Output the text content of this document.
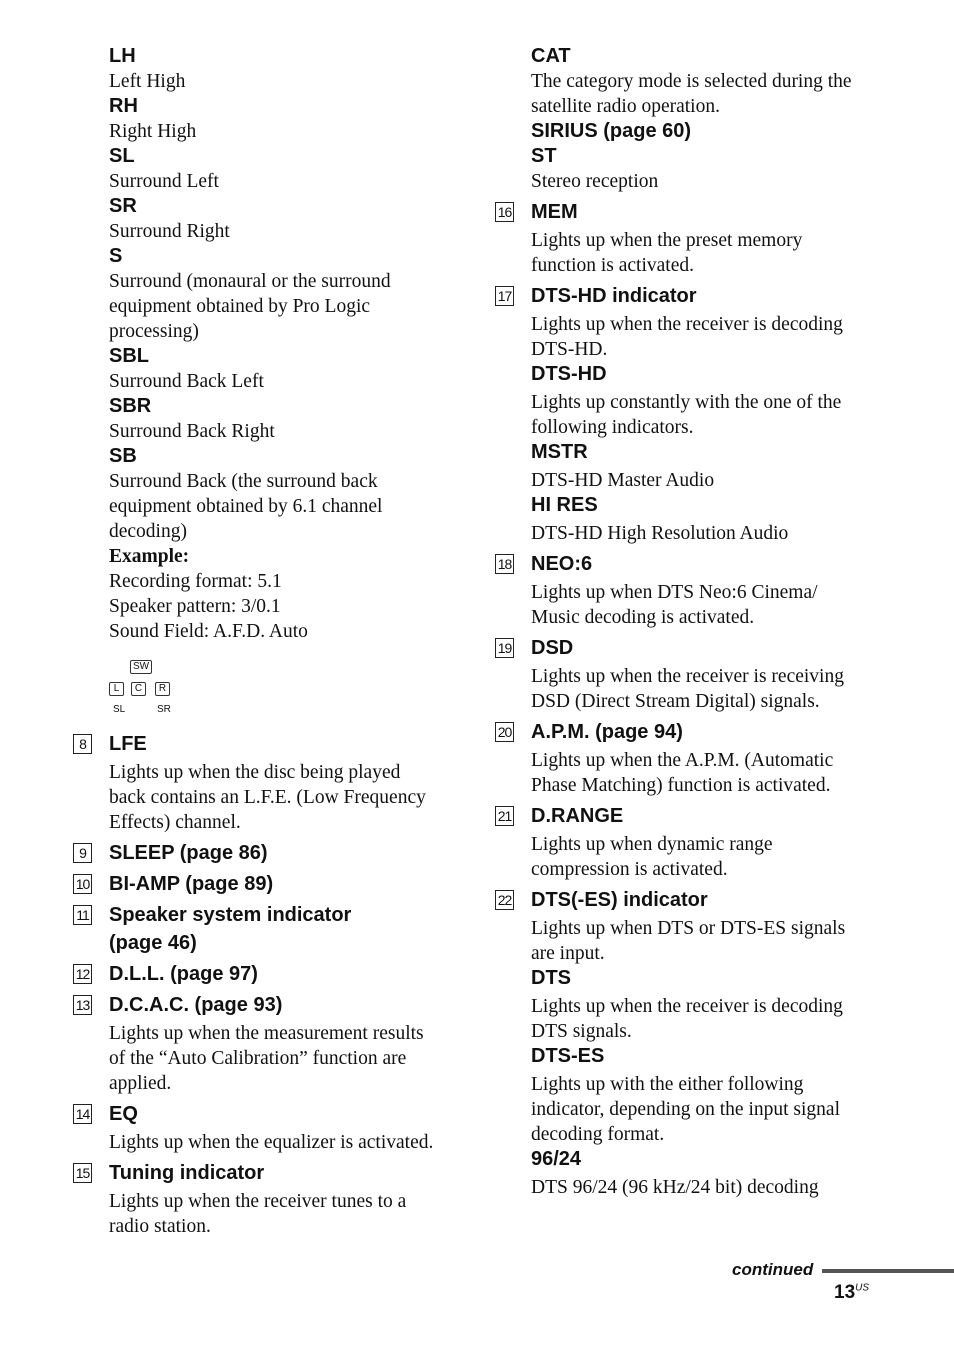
LH
Left High
RH
Right High
SL
Surround Left
SR
Surround Right
S
Surround (monaural or the surround
equipment obtained by Pro Logic
processing)
SBL
Surround Back Left
SBR
Surround Back Right
SB
Surround Back (the surround back
equipment obtained by 6.1 channel
decoding)
Example:
Recording format: 5.1
Speaker pattern: 3/0.1
Sound Field: A.F.D. Auto
SW
L	C	R
SL	SR
8	LFE
Lights up when the disc being played
back contains an L.F.E. (Low Frequency
Effects) channel.
9	SLEEP (page 86)
10 BI-AMP (page 89)
11 Speaker system indicator
(page 46)
12 D.L.L. (page 97)
13 D.C.A.C. (page 93)
Lights up when the measurement results
of the “Auto Calibration” function are
applied.
14 EQ
Lights up when the equalizer is activated.
15 Tuning indicator
Lights up when the receiver tunes to a
radio station.
CAT
The category mode is selected during the
satellite radio operation.
SIRIUS (page 60)
ST
Stereo reception
16 MEM
Lights up when the preset memory
function is activated.
17 DTS-HD indicator
Lights up when the receiver is decoding
DTS-HD.
DTS-HD
Lights up constantly with the one of the
following indicators.
MSTR
DTS-HD Master Audio
HI RES
DTS-HD High Resolution Audio
18 NEO:6
Lights up when DTS Neo:6 Cinema/
Music decoding is activated.
19 DSD
Lights up when the receiver is receiving
DSD (Direct Stream Digital) signals.
20 A.P.M. (page 94)
Lights up when the A.P.M. (Automatic
Phase Matching) function is activated.
21 D.RANGE
Lights up when dynamic range
compression is activated.
22 DTS(-ES) indicator
Lights up when DTS or DTS-ES signals
are input.
DTS
Lights up when the receiver is decoding
DTS signals.
DTS-ES
Lights up with the either following
indicator, depending on the input signal
decoding format.
96/24
DTS 96/24 (96 kHz/24 bit) decoding
continued
$13^{US}$
